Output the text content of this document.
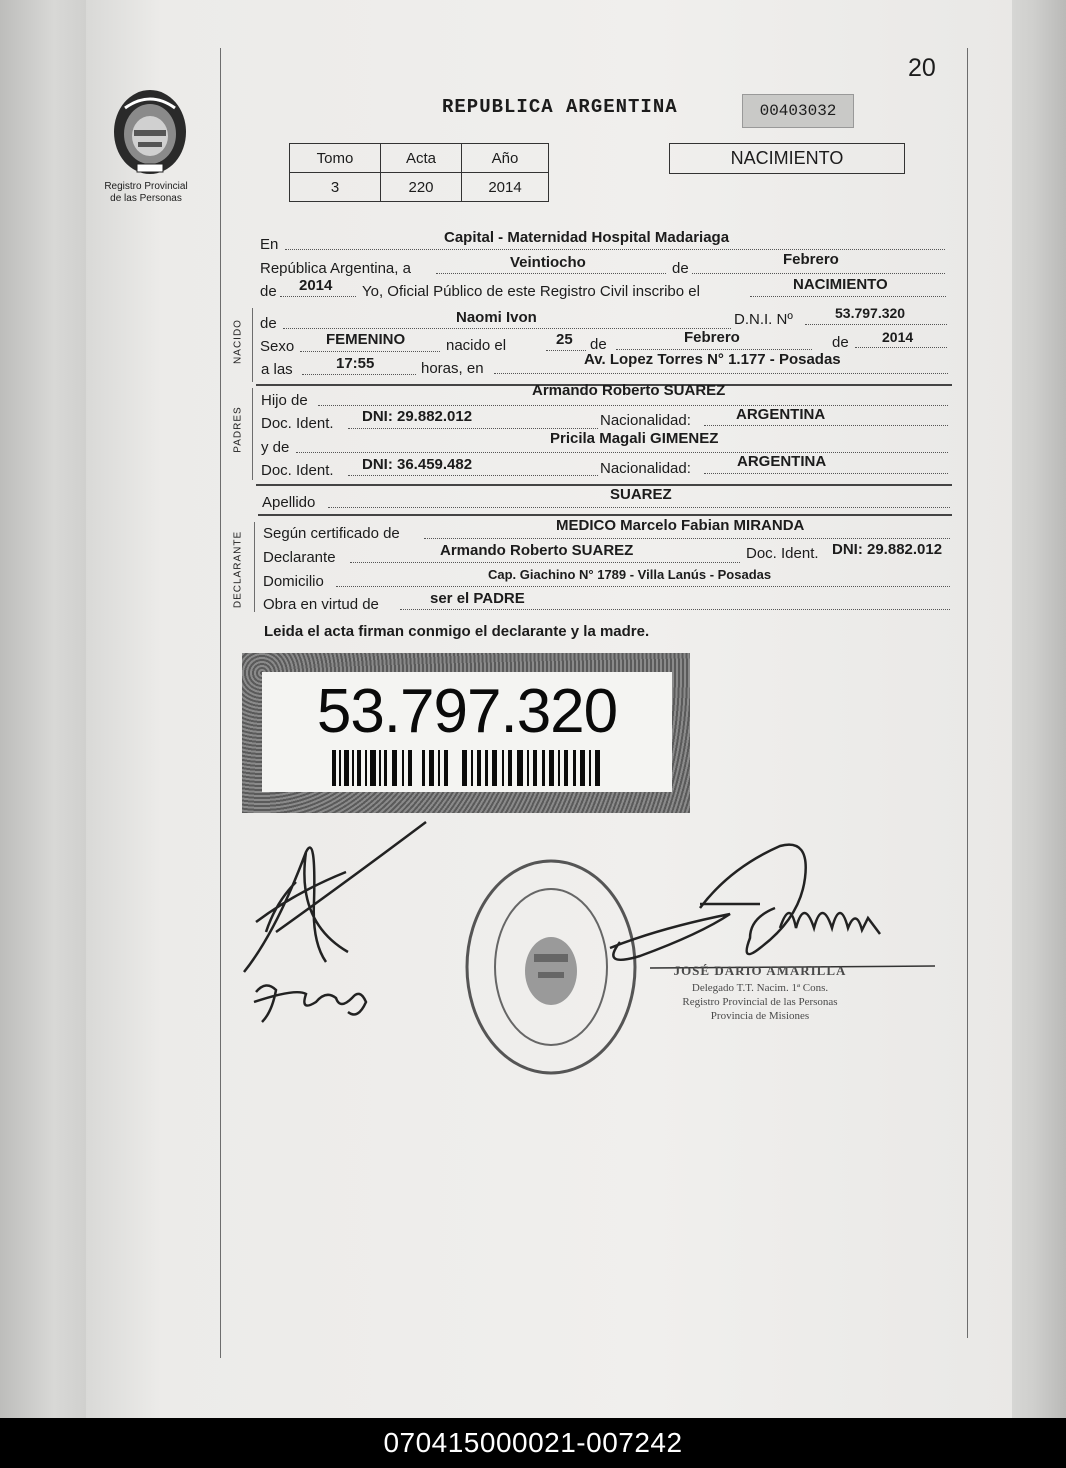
20
Registro Provincial
de las Personas
REPUBLICA ARGENTINA	00403032
Tomo	Acta	Año
3	220	2014
NACIMIENTO
NACIDO
PADRES
DECLARANTE
En	Capital - Maternidad Hospital Madariaga
República Argentina, a	Veintiocho	de
Febrero
de 2014 Yo, Oficial Público de este Registro Civil inscribo el	NACIMIENTO
de	Naomi Ivon	D.N.I. Nº	53.797.320
Sexo FEMENINO	nacido el	25 de	Febrero	de 2014
a las	17:55	horas, en
Av. Lopez Torres N° 1.177 - Posadas
Hijo de
Armando Roberto SUAREZ
Doc. Ident. DNI: 29.882.012	Nacionalidad:	ARGENTINA
y de
Pricila Magali GIMENEZ
Doc. Ident. DNI: 36.459.482	Nacionalidad:	ARGENTINA
Apellido	SUAREZ
Según certificado de	MEDICO Marcelo Fabian MIRANDA
Declarante	Armando Roberto SUAREZ	Doc. Ident. DNI: 29.882.012
Domicilio	Cap. Giachino N° 1789 - Villa Lanús - Posadas
Obra en virtud de	ser el PADRE
Leida el acta firman conmigo el declarante y la madre.
53.797.320
JOSÉ DARIO AMARILLA
Delegado T.T. Nacim. 1ª Cons.
Registro Provincial de las Personas
Provincia de Misiones
070415000021-007242
